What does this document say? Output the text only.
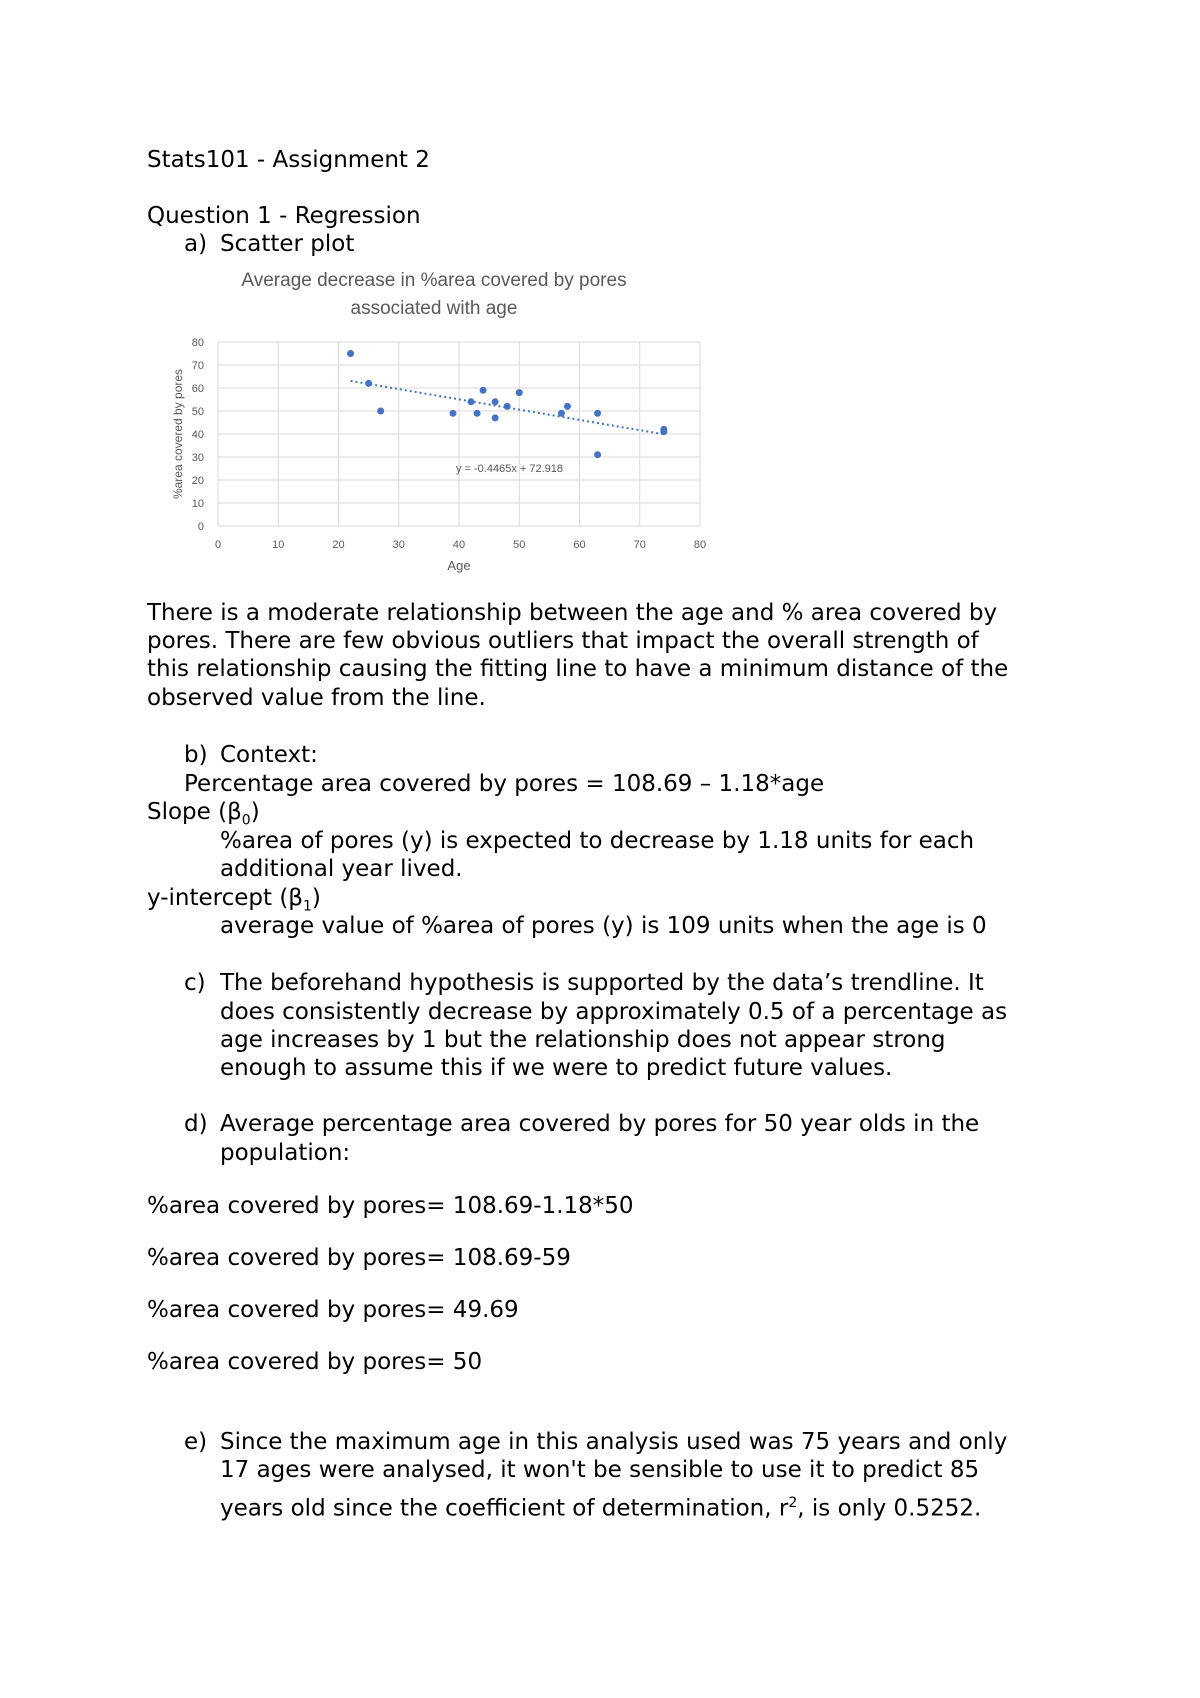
Stats101 - Assignment 2
Question 1 - Regression
a) Scatter plot
Average decrease in %area covered by pores
associated with age
0
10
20
30
40
50
60
70
80
0	10	20	30	40	50	60	70	80
y = -0.4465x + 72.918
Age
%area covered by pores
There is a moderate relationship between the age and % area covered by
pores. There are few obvious outliers that impact the overall strength of
this relationship causing the fitting line to have a minimum distance of the
observed value from the line.
b) Context:
Percentage area covered by pores = 108.69 – 1.18*age
Slope $(\beta_0)$
%area of pores (y) is expected to decrease by 1.18 units for each
additional year lived.
y-intercept $(\beta_1)$
average value of %area of pores (y) is 109 units when the age is 0
c) The beforehand hypothesis is supported by the data’s trendline. It
does consistently decrease by approximately 0.5 of a percentage as
age increases by 1 but the relationship does not appear strong
enough to assume this if we were to predict future values.
d) Average percentage area covered by pores for 50 year olds in the
population:
%area covered by pores= 108.69-1.18*50
%area covered by pores= 108.69-59
%area covered by pores= 49.69
%area covered by pores= 50
e) Since the maximum age in this analysis used was 75 years and only
17 ages were analysed, it won't be sensible to use it to predict 85
years old since the coefficient of determination, $r^2$, is only 0.5252.
